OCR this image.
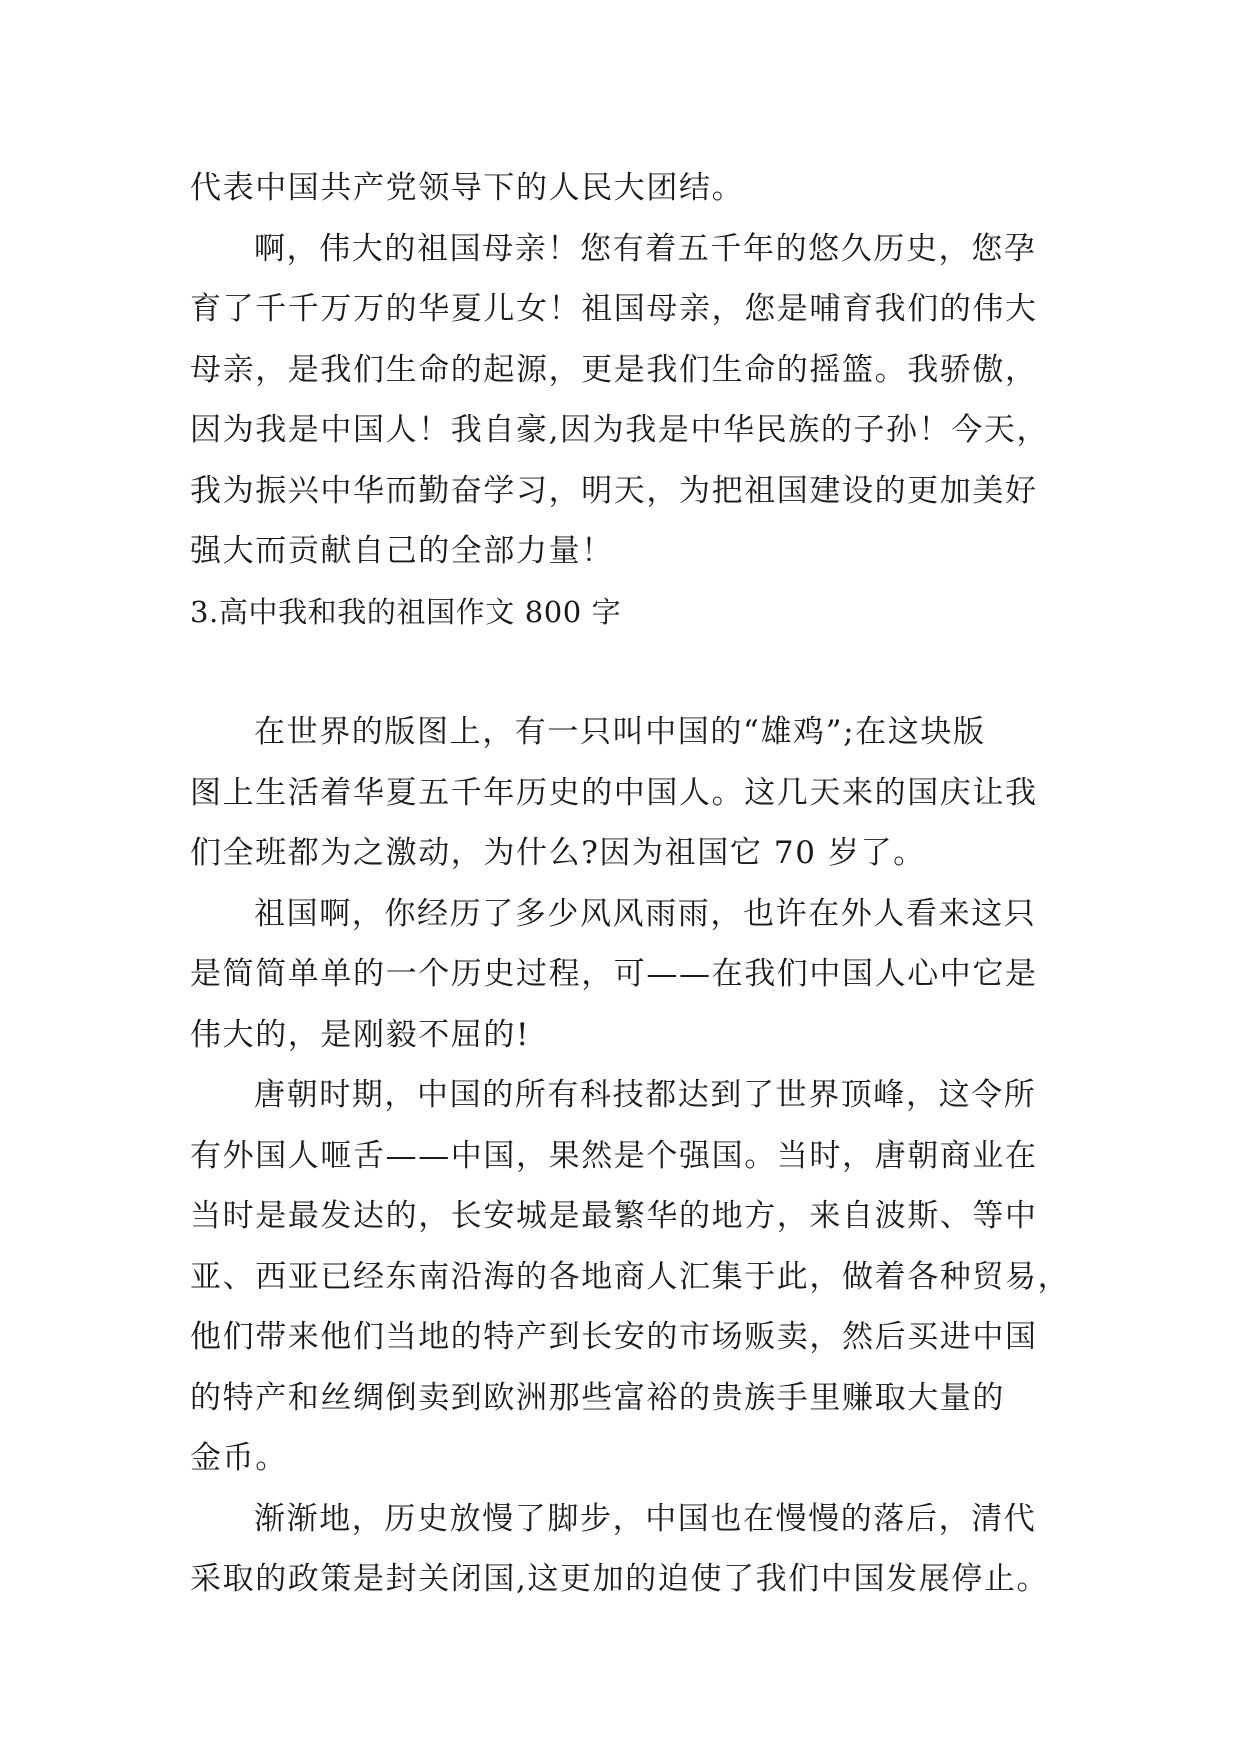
代表中国共产党领导下的人民大团结。
啊，伟大的祖国母亲！您有着五千年的悠久历史，您孕
育了千千万万的华夏儿女！祖国母亲，您是哺育我们的伟大
母亲，是我们生命的起源，更是我们生命的摇篮。我骄傲，
因为我是中国人！我自豪,因为我是中华民族的子孙！今天，
我为振兴中华而勤奋学习，明天，为把祖国建设的更加美好
强大而贡献自己的全部力量！
3.高中我和我的祖国作文 800 字
在世界的版图上，有一只叫中国的“雄鸡”;在这块版
图上生活着华夏五千年历史的中国人。这几天来的国庆让我
们全班都为之激动，为什么?因为祖国它 70 岁了。
祖国啊，你经历了多少风风雨雨，也许在外人看来这只
是简简单单的一个历史过程，可——在我们中国人心中它是
伟大的，是刚毅不屈的!
唐朝时期，中国的所有科技都达到了世界顶峰，这令所
有外国人咂舌——中国，果然是个强国。当时，唐朝商业在
当时是最发达的，长安城是最繁华的地方，来自波斯、等中
亚、西亚已经东南沿海的各地商人汇集于此，做着各种贸易，
他们带来他们当地的特产到长安的市场贩卖，然后买进中国
的特产和丝绸倒卖到欧洲那些富裕的贵族手里赚取大量的
金币。
渐渐地，历史放慢了脚步，中国也在慢慢的落后，清代
采取的政策是封关闭国,这更加的迫使了我们中国发展停止。
